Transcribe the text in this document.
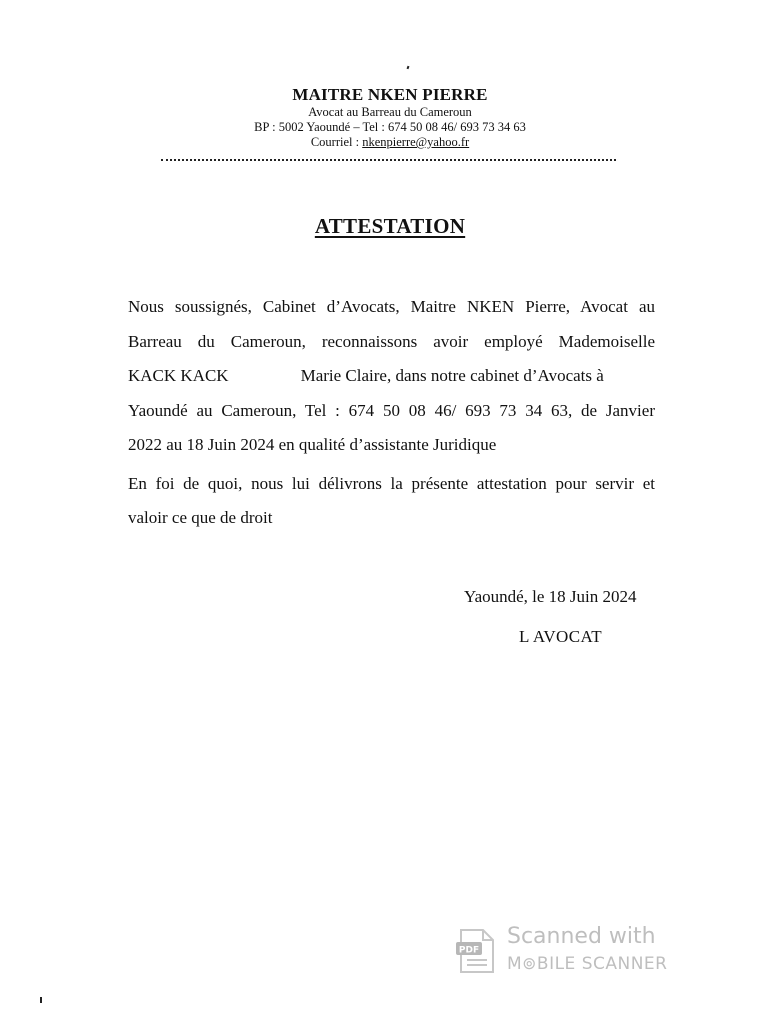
MAITRE NKEN PIERRE
Avocat au Barreau du Cameroun
BP : 5002 Yaoundé – Tel : 674 50 08 46/ 693 73 34 63
Courriel : nkenpierre@yahoo.fr
ATTESTATION
Nous soussignés, Cabinet d’Avocats, Maitre NKEN Pierre, Avocat au
Barreau du Cameroun, reconnaissons avoir employé Mademoiselle
KACK KACK	Marie Claire, dans notre cabinet d’Avocats à
Yaoundé au Cameroun, Tel : 674 50 08 46/ 693 73 34 63, de Janvier
2022 au 18 Juin 2024 en qualité d’assistante Juridique
En foi de quoi, nous lui délivrons la présente attestation pour servir et
valoir ce que de droit
Yaoundé, le 18 Juin 2024
L AVOCAT
PDF
Scanned with
M⊚BILE SCANNER
